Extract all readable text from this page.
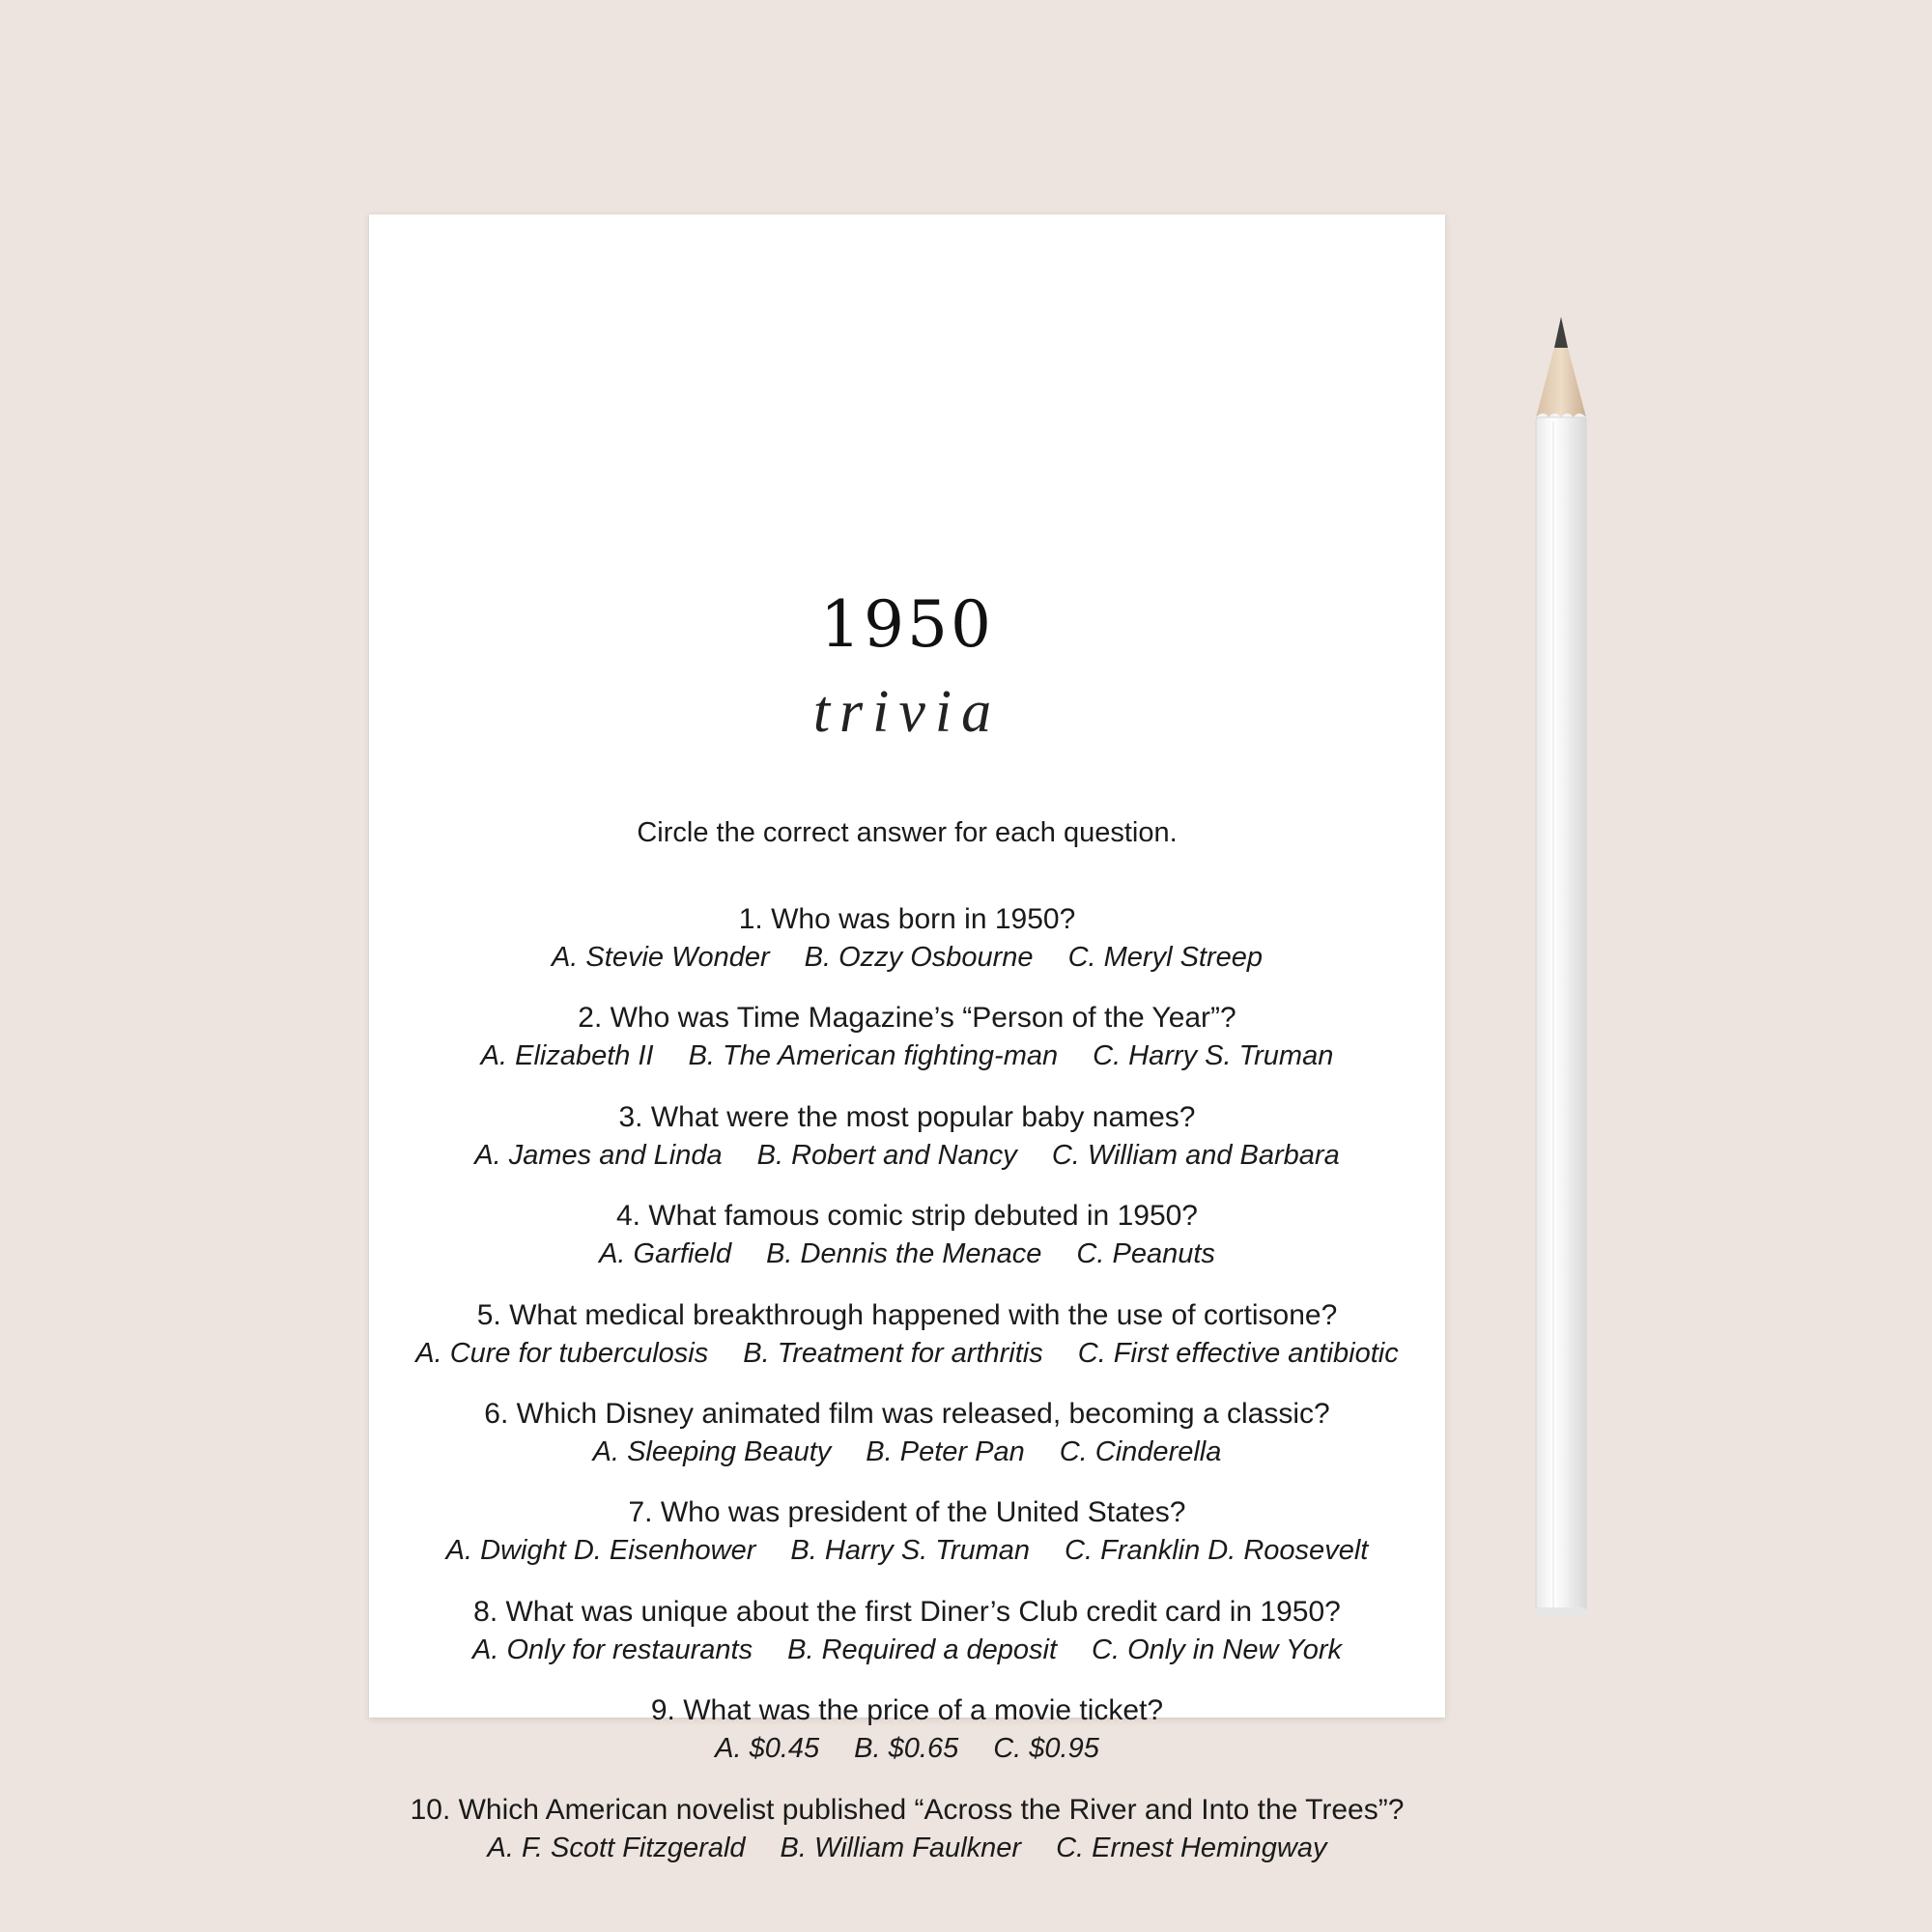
1950
trivia
Circle the correct answer for each question.
1. Who was born in 1950?
A. Stevie Wonder B. Ozzy Osbourne C. Meryl Streep
2. Who was Time Magazine’s “Person of the Year”?
A. Elizabeth II B. The American fighting-man C. Harry S. Truman
3. What were the most popular baby names?
A. James and Linda B. Robert and Nancy C. William and Barbara
4. What famous comic strip debuted in 1950?
A. Garfield B. Dennis the Menace C. Peanuts
5. What medical breakthrough happened with the use of cortisone?
A. Cure for tuberculosis B. Treatment for arthritis C. First effective antibiotic
6. Which Disney animated film was released, becoming a classic?
A. Sleeping Beauty B. Peter Pan C. Cinderella
7. Who was president of the United States?
A. Dwight D. Eisenhower B. Harry S. Truman C. Franklin D. Roosevelt
8. What was unique about the first Diner’s Club credit card in 1950?
A. Only for restaurants B. Required a deposit C. Only in New York
9. What was the price of a movie ticket?
A. $0.45 B. $0.65 C. $0.95
10. Which American novelist published “Across the River and Into the Trees”?
A. F. Scott Fitzgerald B. William Faulkner C. Ernest Hemingway
